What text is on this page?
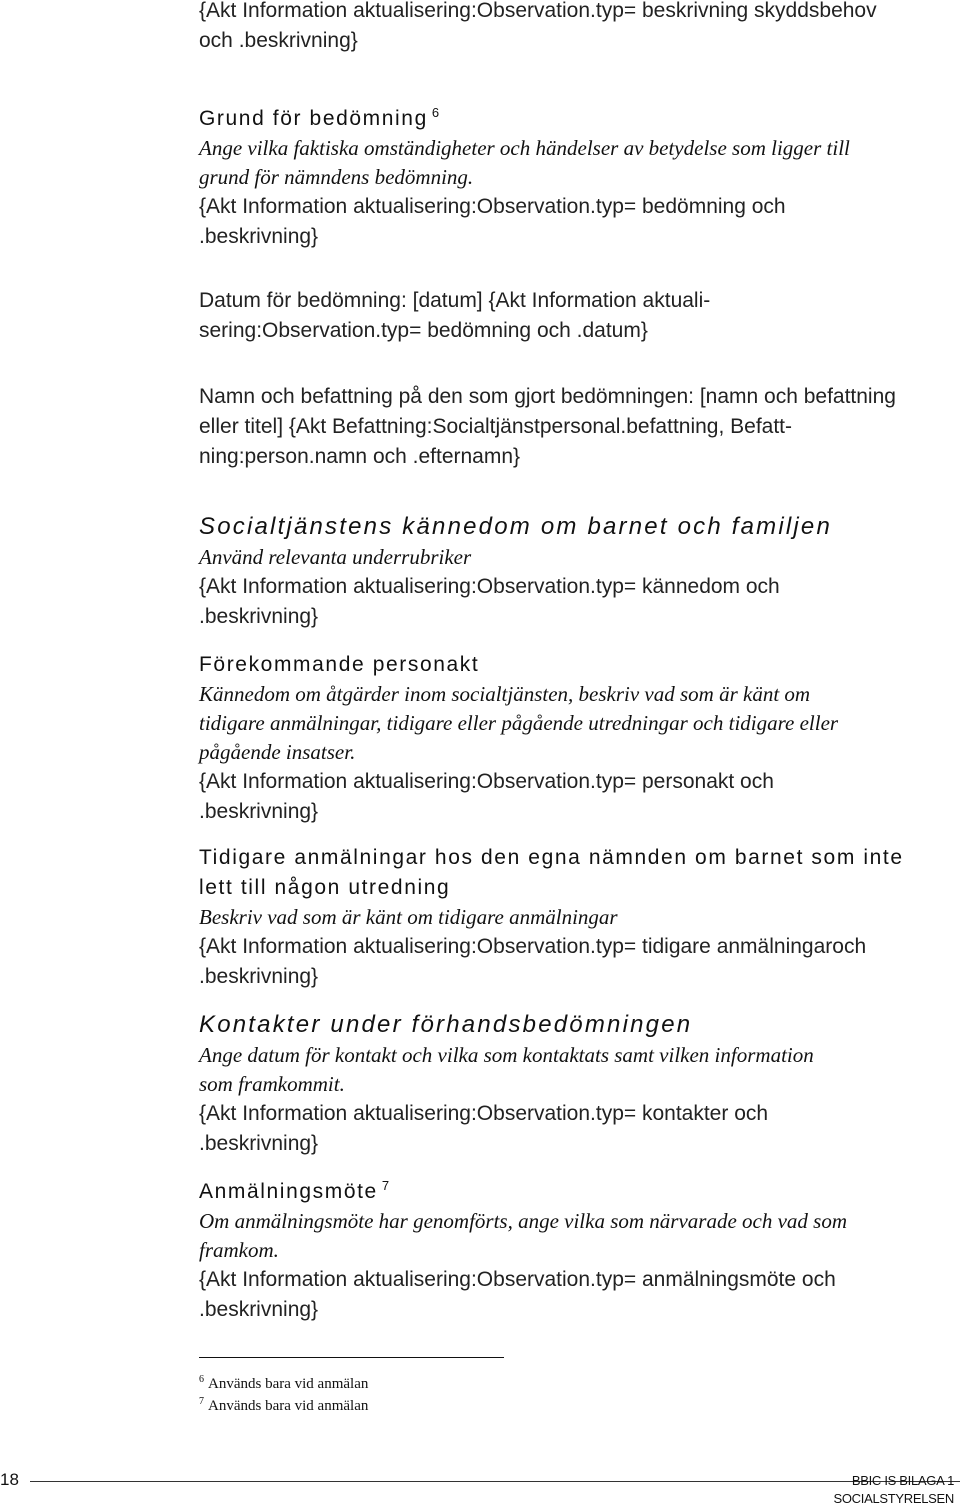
{Akt Information aktualisering:Observation.typ= beskrivning skyddsbehov

och .beskrivning}

Grund för bedömning $^6$

Ange vilka faktiska omständigheter och händelser av betydelse som ligger till

grund för nämndens bedömning.

{Akt Information aktualisering:Observation.typ= bedömning och

.beskrivning}

Datum för bedömning: [datum] {Akt Information aktuali-

sering:Observation.typ= bedömning och .datum}

Namn och befattning på den som gjort bedömningen: [namn och befattning

eller titel] {Akt Befattning:Socialtjänstpersonal.befattning, Befatt-

ning:person.namn och .efternamn}

Socialtjänstens kännedom om barnet och familjen

Använd relevanta underrubriker

{Akt Information aktualisering:Observation.typ= kännedom och

.beskrivning}

Förekommande personakt

Kännedom om åtgärder inom socialtjänsten, beskriv vad som är känt om

tidigare anmälningar, tidigare eller pågående utredningar och tidigare eller

pågående insatser.

{Akt Information aktualisering:Observation.typ= personakt och

.beskrivning}

Tidigare anmälningar hos den egna nämnden om barnet som inte

lett till någon utredning

Beskriv vad som är känt om tidigare anmälningar

{Akt Information aktualisering:Observation.typ= tidigare anmälningaroch

.beskrivning}

Kontakter under förhandsbedömningen

Ange datum för kontakt och vilka som kontaktats samt vilken information

som framkommit.

{Akt Information aktualisering:Observation.typ= kontakter och

.beskrivning}

Anmälningsmöte $^7$

Om anmälningsmöte har genomförts, ange vilka som närvarade och vad som

framkom.

{Akt Information aktualisering:Observation.typ= anmälningsmöte och

.beskrivning}

$^6$ Används bara vid anmälan
$^7$ Används bara vid anmälan
18	BBIC IS BILAGA 1
SOCIALSTYRELSEN
